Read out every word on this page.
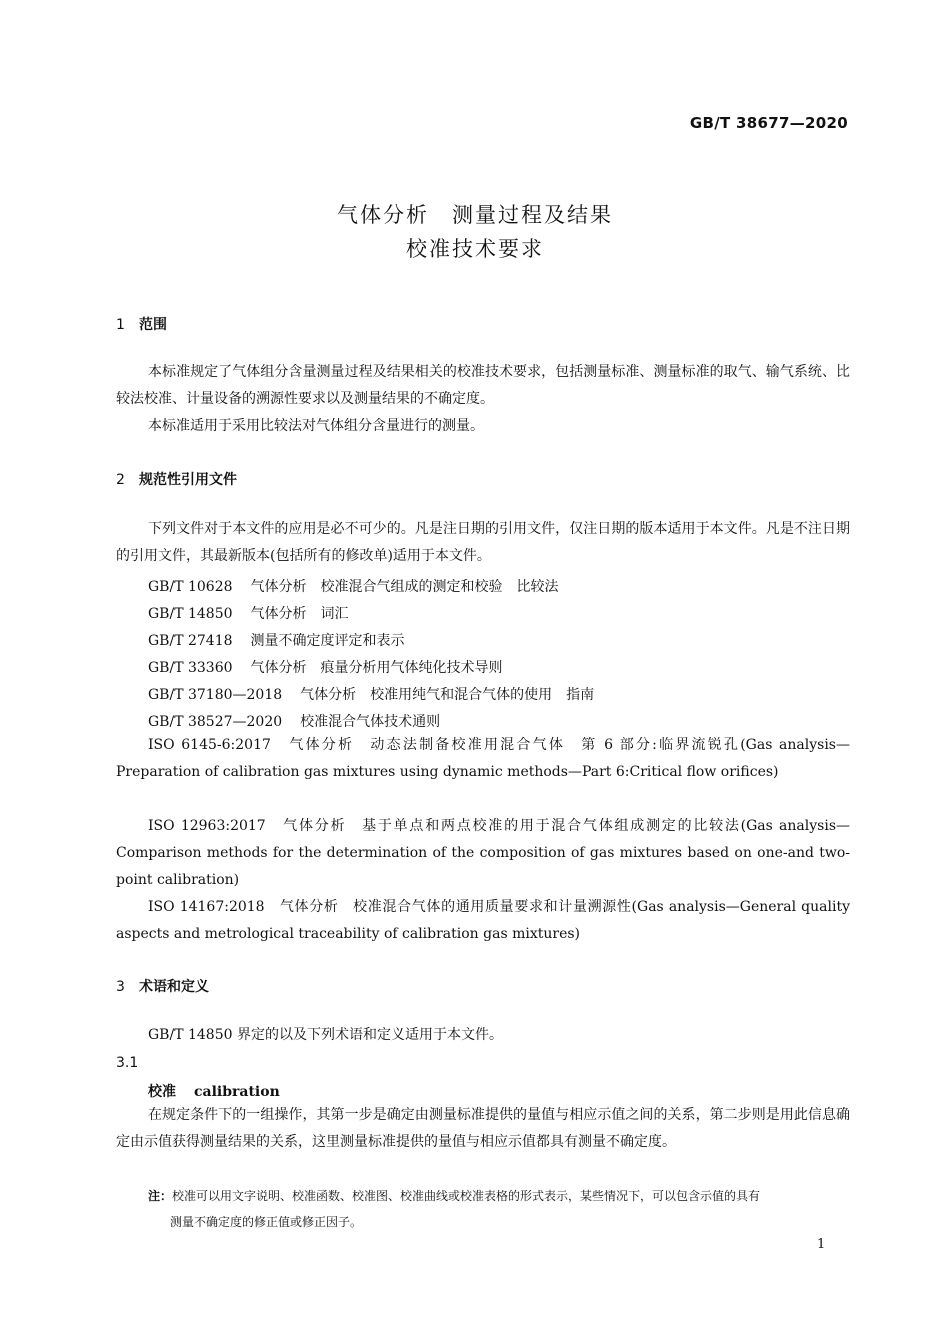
GB/T 38677—2020
气体分析　测量过程及结果
校准技术要求
1 范围
本标准规定了气体组分含量测量过程及结果相关的校准技术要求，包括测量标准、测量标准的取气、输气系统、比较法校准、计量设备的溯源性要求以及测量结果的不确定度。
本标准适用于采用比较法对气体组分含量进行的测量。
2 规范性引用文件
下列文件对于本文件的应用是必不可少的。凡是注日期的引用文件，仅注日期的版本适用于本文件。凡是不注日期的引用文件，其最新版本(包括所有的修改单)适用于本文件。
GB/T 10628 气体分析　校准混合气组成的测定和校验　比较法
GB/T 14850 气体分析　词汇
GB/T 27418 测量不确定度评定和表示
GB/T 33360 气体分析　痕量分析用气体纯化技术导则
GB/T 37180—2018 气体分析　校准用纯气和混合气体的使用　指南
GB/T 38527—2020 校准混合气体技术通则
ISO 6145-6:2017　气体分析　动态法制备校准用混合气体　第 6 部分:临界流锐孔(Gas analysis—Preparation of calibration gas mixtures using dynamic methods—Part 6:Critical flow orifices)
ISO 12963:2017　气体分析　基于单点和两点校准的用于混合气体组成测定的比较法(Gas analysis—Comparison methods for the determination of the composition of gas mixtures based on one-and two-point calibration)
ISO 14167:2018　气体分析　校准混合气体的通用质量要求和计量溯源性(Gas analysis—General quality aspects and metrological traceability of calibration gas mixtures)
3 术语和定义
GB/T 14850 界定的以及下列术语和定义适用于本文件。
3.1
校准 calibration
在规定条件下的一组操作，其第一步是确定由测量标准提供的量值与相应示值之间的关系，第二步则是用此信息确定由示值获得测量结果的关系，这里测量标准提供的量值与相应示值都具有测量不确定度。
注：校准可以用文字说明、校准函数、校准图、校准曲线或校准表格的形式表示，某些情况下，可以包含示值的具有
测量不确定度的修正值或修正因子。
1
